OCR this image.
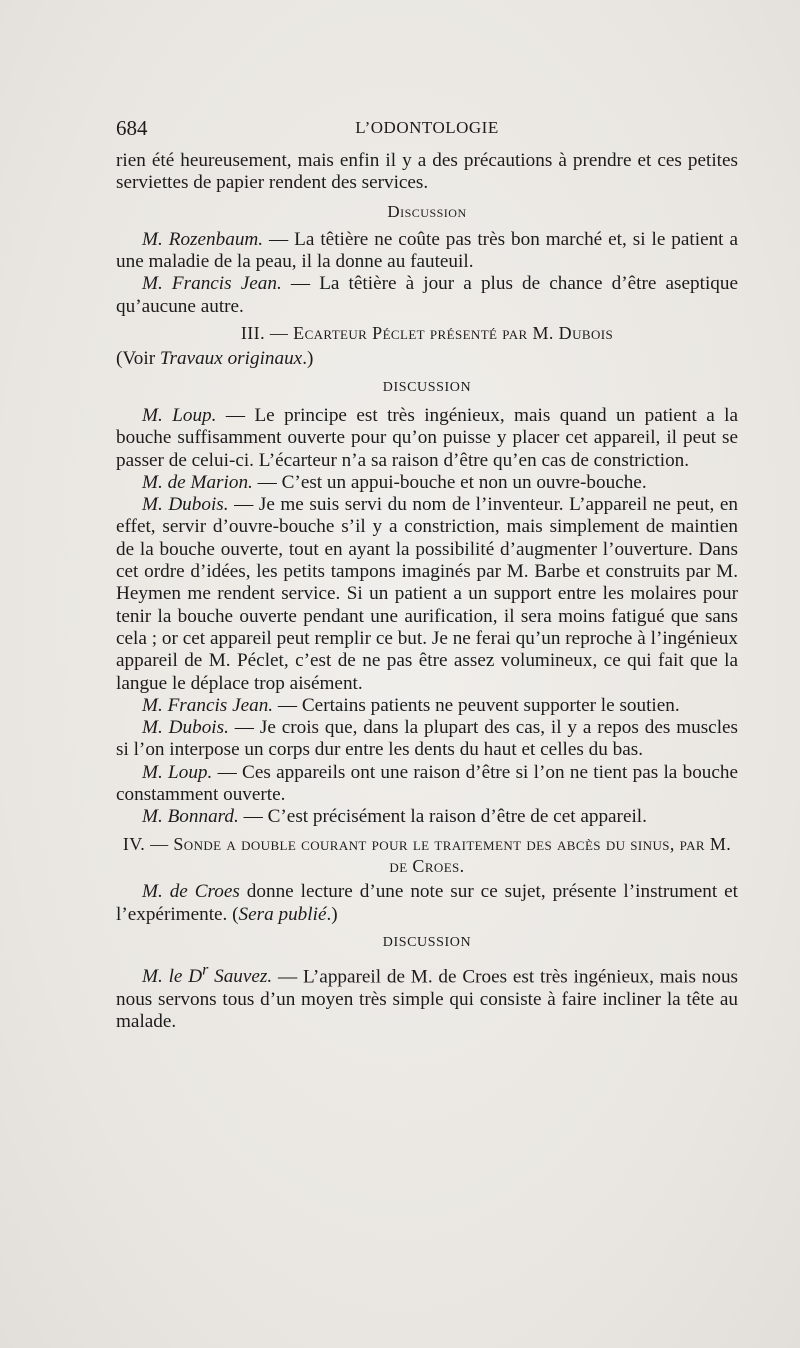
684	L’ODONTOLOGIE

rien été heureusement, mais enfin il y a des précautions à prendre et ces petites serviettes de papier rendent des services.

Discussion

M. Rozenbaum. — La têtière ne coûte pas très bon marché et, si le patient a une maladie de la peau, il la donne au fauteuil.

M. Francis Jean. — La têtière à jour a plus de chance d’être aseptique qu’aucune autre.

III. — Ecarteur Péclet présenté par M. Dubois

(Voir Travaux originaux.)

DISCUSSION

M. Loup. — Le principe est très ingénieux, mais quand un patient a la bouche suffisamment ouverte pour qu’on puisse y placer cet appareil, il peut se passer de celui-ci. L’écarteur n’a sa raison d’être qu’en cas de constriction.

M. de Marion. — C’est un appui-bouche et non un ouvre-bouche.

M. Dubois. — Je me suis servi du nom de l’inventeur. L’appareil ne peut, en effet, servir d’ouvre-bouche s’il y a constriction, mais simplement de maintien de la bouche ouverte, tout en ayant la possibilité d’augmenter l’ouverture. Dans cet ordre d’idées, les petits tampons imaginés par M. Barbe et construits par M. Heymen me rendent service. Si un patient a un support entre les molaires pour tenir la bouche ouverte pendant une aurification, il sera moins fatigué que sans cela ; or cet appareil peut remplir ce but. Je ne ferai qu’un reproche à l’ingénieux appareil de M. Péclet, c’est de ne pas être assez volumineux, ce qui fait que la langue le déplace trop aisément.

M. Francis Jean. — Certains patients ne peuvent supporter le soutien.

M. Dubois. — Je crois que, dans la plupart des cas, il y a repos des muscles si l’on interpose un corps dur entre les dents du haut et celles du bas.

M. Loup. — Ces appareils ont une raison d’être si l’on ne tient pas la bouche constamment ouverte.

M. Bonnard. — C’est précisément la raison d’être de cet appareil.

IV. — Sonde a double courant pour le traitement des abcès du sinus, par M. de Croes.

M. de Croes donne lecture d’une note sur ce sujet, présente l’instrument et l’expérimente. (Sera publié.)

DISCUSSION

M. le $D^r$ Sauvez. — L’appareil de M. de Croes est très ingénieux, mais nous nous servons tous d’un moyen très simple qui consiste à faire incliner la tête au malade.
